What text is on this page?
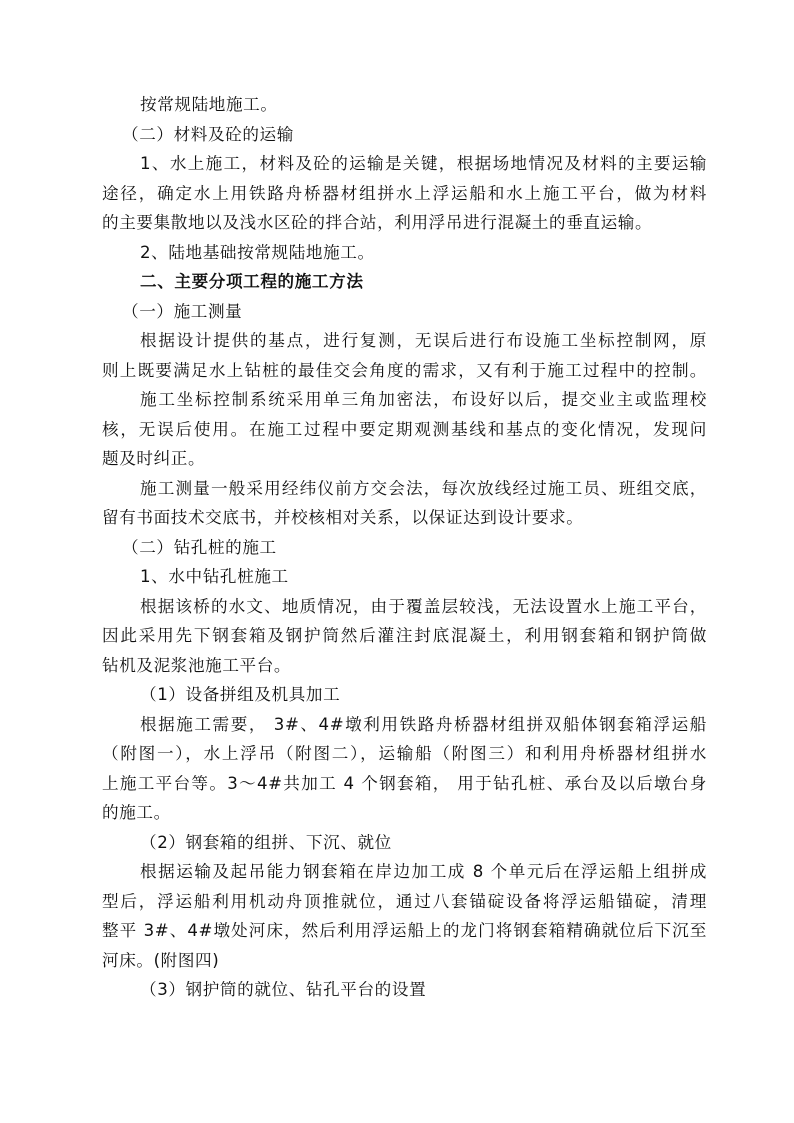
按常规陆地施工。
（二）材料及砼的运输
1、水上施工，材料及砼的运输是关键，根据场地情况及材料的主要运输
途径，确定水上用铁路舟桥器材组拼水上浮运船和水上施工平台，做为材料
的主要集散地以及浅水区砼的拌合站，利用浮吊进行混凝土的垂直运输。
2、陆地基础按常规陆地施工。
二、主要分项工程的施工方法
（一）施工测量
根据设计提供的基点，进行复测，无误后进行布设施工坐标控制网，原
则上既要满足水上钻桩的最佳交会角度的需求，又有利于施工过程中的控制。
施工坐标控制系统采用单三角加密法，布设好以后，提交业主或监理校
核，无误后使用。在施工过程中要定期观测基线和基点的变化情况，发现问
题及时纠正。
施工测量一般采用经纬仪前方交会法，每次放线经过施工员、班组交底，
留有书面技术交底书，并校核相对关系，以保证达到设计要求。
（二）钻孔桩的施工
1、水中钻孔桩施工
根据该桥的水文、地质情况，由于覆盖层较浅，无法设置水上施工平台，
因此采用先下钢套箱及钢护筒然后灌注封底混凝土，利用钢套箱和钢护筒做
钻机及泥浆池施工平台。
（1）设备拼组及机具加工
根据施工需要， 3#、4#墩利用铁路舟桥器材组拼双船体钢套箱浮运船
（附图一），水上浮吊（附图二），运输船（附图三）和利用舟桥器材组拼水
上施工平台等。3～4#共加工 4 个钢套箱， 用于钻孔桩、承台及以后墩台身
的施工。
（2）钢套箱的组拼、下沉、就位
根据运输及起吊能力钢套箱在岸边加工成 8 个单元后在浮运船上组拼成
型后，浮运船利用机动舟顶推就位，通过八套锚碇设备将浮运船锚碇，清理
整平 3#、4#墩处河床，然后利用浮运船上的龙门将钢套箱精确就位后下沉至
河床。(附图四)
（3）钢护筒的就位、钻孔平台的设置
